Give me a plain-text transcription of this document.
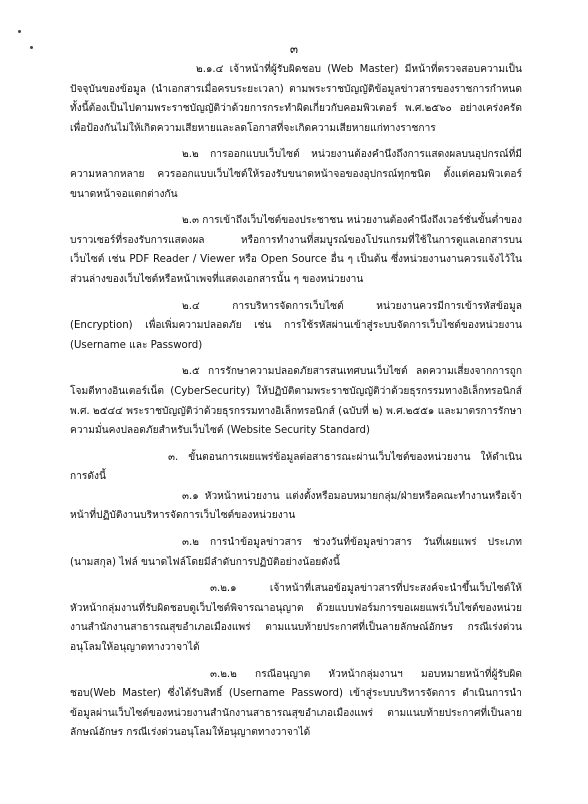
๓

๒.๑.๔ เจ้าหน้าที่ผู้รับผิดชอบ (Web Master) มีหน้าที่ตรวจสอบความเป็นปัจจุบันของข้อมูล (นำเอกสารเมื่อครบระยะเวลา) ตามพระราชบัญญัติข้อมูลข่าวสารของราชการกำหนด ทั้งนี้ต้องเป็นไปตามพระราชบัญญัติว่าด้วยการกระทำผิดเกี่ยวกับคอมพิวเตอร์ พ.ศ.๒๕๖๐ อย่างเคร่งครัด เพื่อป้องกันไม่ให้เกิดความเสียหายและลดโอกาสที่จะเกิดความเสียหายแก่ทางราชการ

๒.๒ การออกแบบเว็บไซต์ หน่วยงานต้องคำนึงถึงการแสดงผลบนอุปกรณ์ที่มีความหลากหลาย ควรออกแบบเว็บไซต์ให้รองรับขนาดหน้าจอของอุปกรณ์ทุกชนิด ตั้งแต่คอมพิวเตอร์ขนาดหน้าจอแตกต่างกัน

๒.๓ การเข้าถึงเว็บไซต์ของประชาชน หน่วยงานต้องคำนึงถึงเวอร์ชั่นขั้นต่ำของบราวเซอร์ที่รองรับการแสดงผล หรือการทำงานที่สมบูรณ์ของโปรแกรมที่ใช้ในการดูแลเอกสารบนเว็บไซต์ เช่น PDF Reader / Viewer หรือ Open Source อื่น ๆ เป็นต้น ซึ่งหน่วยงานงานควรแจ้งไว้ในส่วนล่างของเว็บไซต์หรือหน้าเพจที่แสดงเอกสารนั้น ๆ ของหน่วยงาน

๒.๔ การบริหารจัดการเว็บไซต์ หน่วยงานควรมีการเข้ารหัสข้อมูล (Encryption) เพื่อเพิ่มความปลอดภัย เช่น การใช้รหัสผ่านเข้าสู่ระบบจัดการเว็บไซต์ของหน่วยงาน (Username และ Password)

๒.๕ การรักษาความปลอดภัยสารสนเทศบนเว็บไซต์ ลดความเสี่ยงจากการถูกโจมตีทางอินเตอร์เน็ต (CyberSecurity) ให้ปฏิบัติตามพระราชบัญญัติว่าด้วยธุรกรรมทางอิเล็กทรอนิกส์ พ.ศ. ๒๕๔๔ พระราชบัญญัติว่าด้วยธุรกรรมทางอิเล็กทรอนิกส์ (ฉบับที่ ๒) พ.ศ.๒๕๕๑ และมาตรการรักษาความมั่นคงปลอดภัยสำหรับเว็บไซต์ (Website Security Standard)

๓. ขั้นตอนการเผยแพร่ข้อมูลต่อสาธารณะผ่านเว็บไซต์ของหน่วยงาน ให้ดำเนินการดังนี้

๓.๑ หัวหน้าหน่วยงาน แต่งตั้งหรือมอบหมายกลุ่ม/ฝ่ายหรือคณะทำงานหรือเจ้าหน้าที่ปฏิบัติงานบริหารจัดการเว็บไซต์ของหน่วยงาน

๓.๒ การนำข้อมูลข่าวสาร ช่วงวันที่ข้อมูลข่าวสาร วันที่เผยแพร่ ประเภท (นามสกุล) ไฟล์ ขนาดไฟล์โดยมีลำดับการปฏิบัติอย่างน้อยดังนี้

๓.๒.๑ เจ้าหน้าที่เสนอข้อมูลข่าวสารที่ประสงค์จะนำขึ้นเว็บไซต์ให้ หัวหน้ากลุ่มงานที่รับผิดชอบดูเว็บไซต์พิจารณาอนุญาต ด้วยแบบฟอร์มการขอเผยแพร่เว็บไซต์ของหน่วยงานสำนักงานสาธารณสุขอำเภอเมืองแพร่ ตามแนบท้ายประกาศที่เป็นลายลักษณ์อักษร กรณีเร่งด่วนอนุโลมให้อนุญาตทางวาจาได้

๓.๒.๒ กรณีอนุญาต หัวหน้ากลุ่มงานฯ มอบหมายหน้าที่ผู้รับผิดชอบ(Web Master) ซึ่งได้รับสิทธิ์ (Username Password) เข้าสู่ระบบบริหารจัดการ ดำเนินการนำข้อมูลผ่านเว็บไซต์ของหน่วยงานสำนักงานสาธารณสุขอำเภอเมืองแพร่ ตามแนบท้ายประกาศที่เป็นลายลักษณ์อักษร กรณีเร่งด่วนอนุโลมให้อนุญาตทางวาจาได้
